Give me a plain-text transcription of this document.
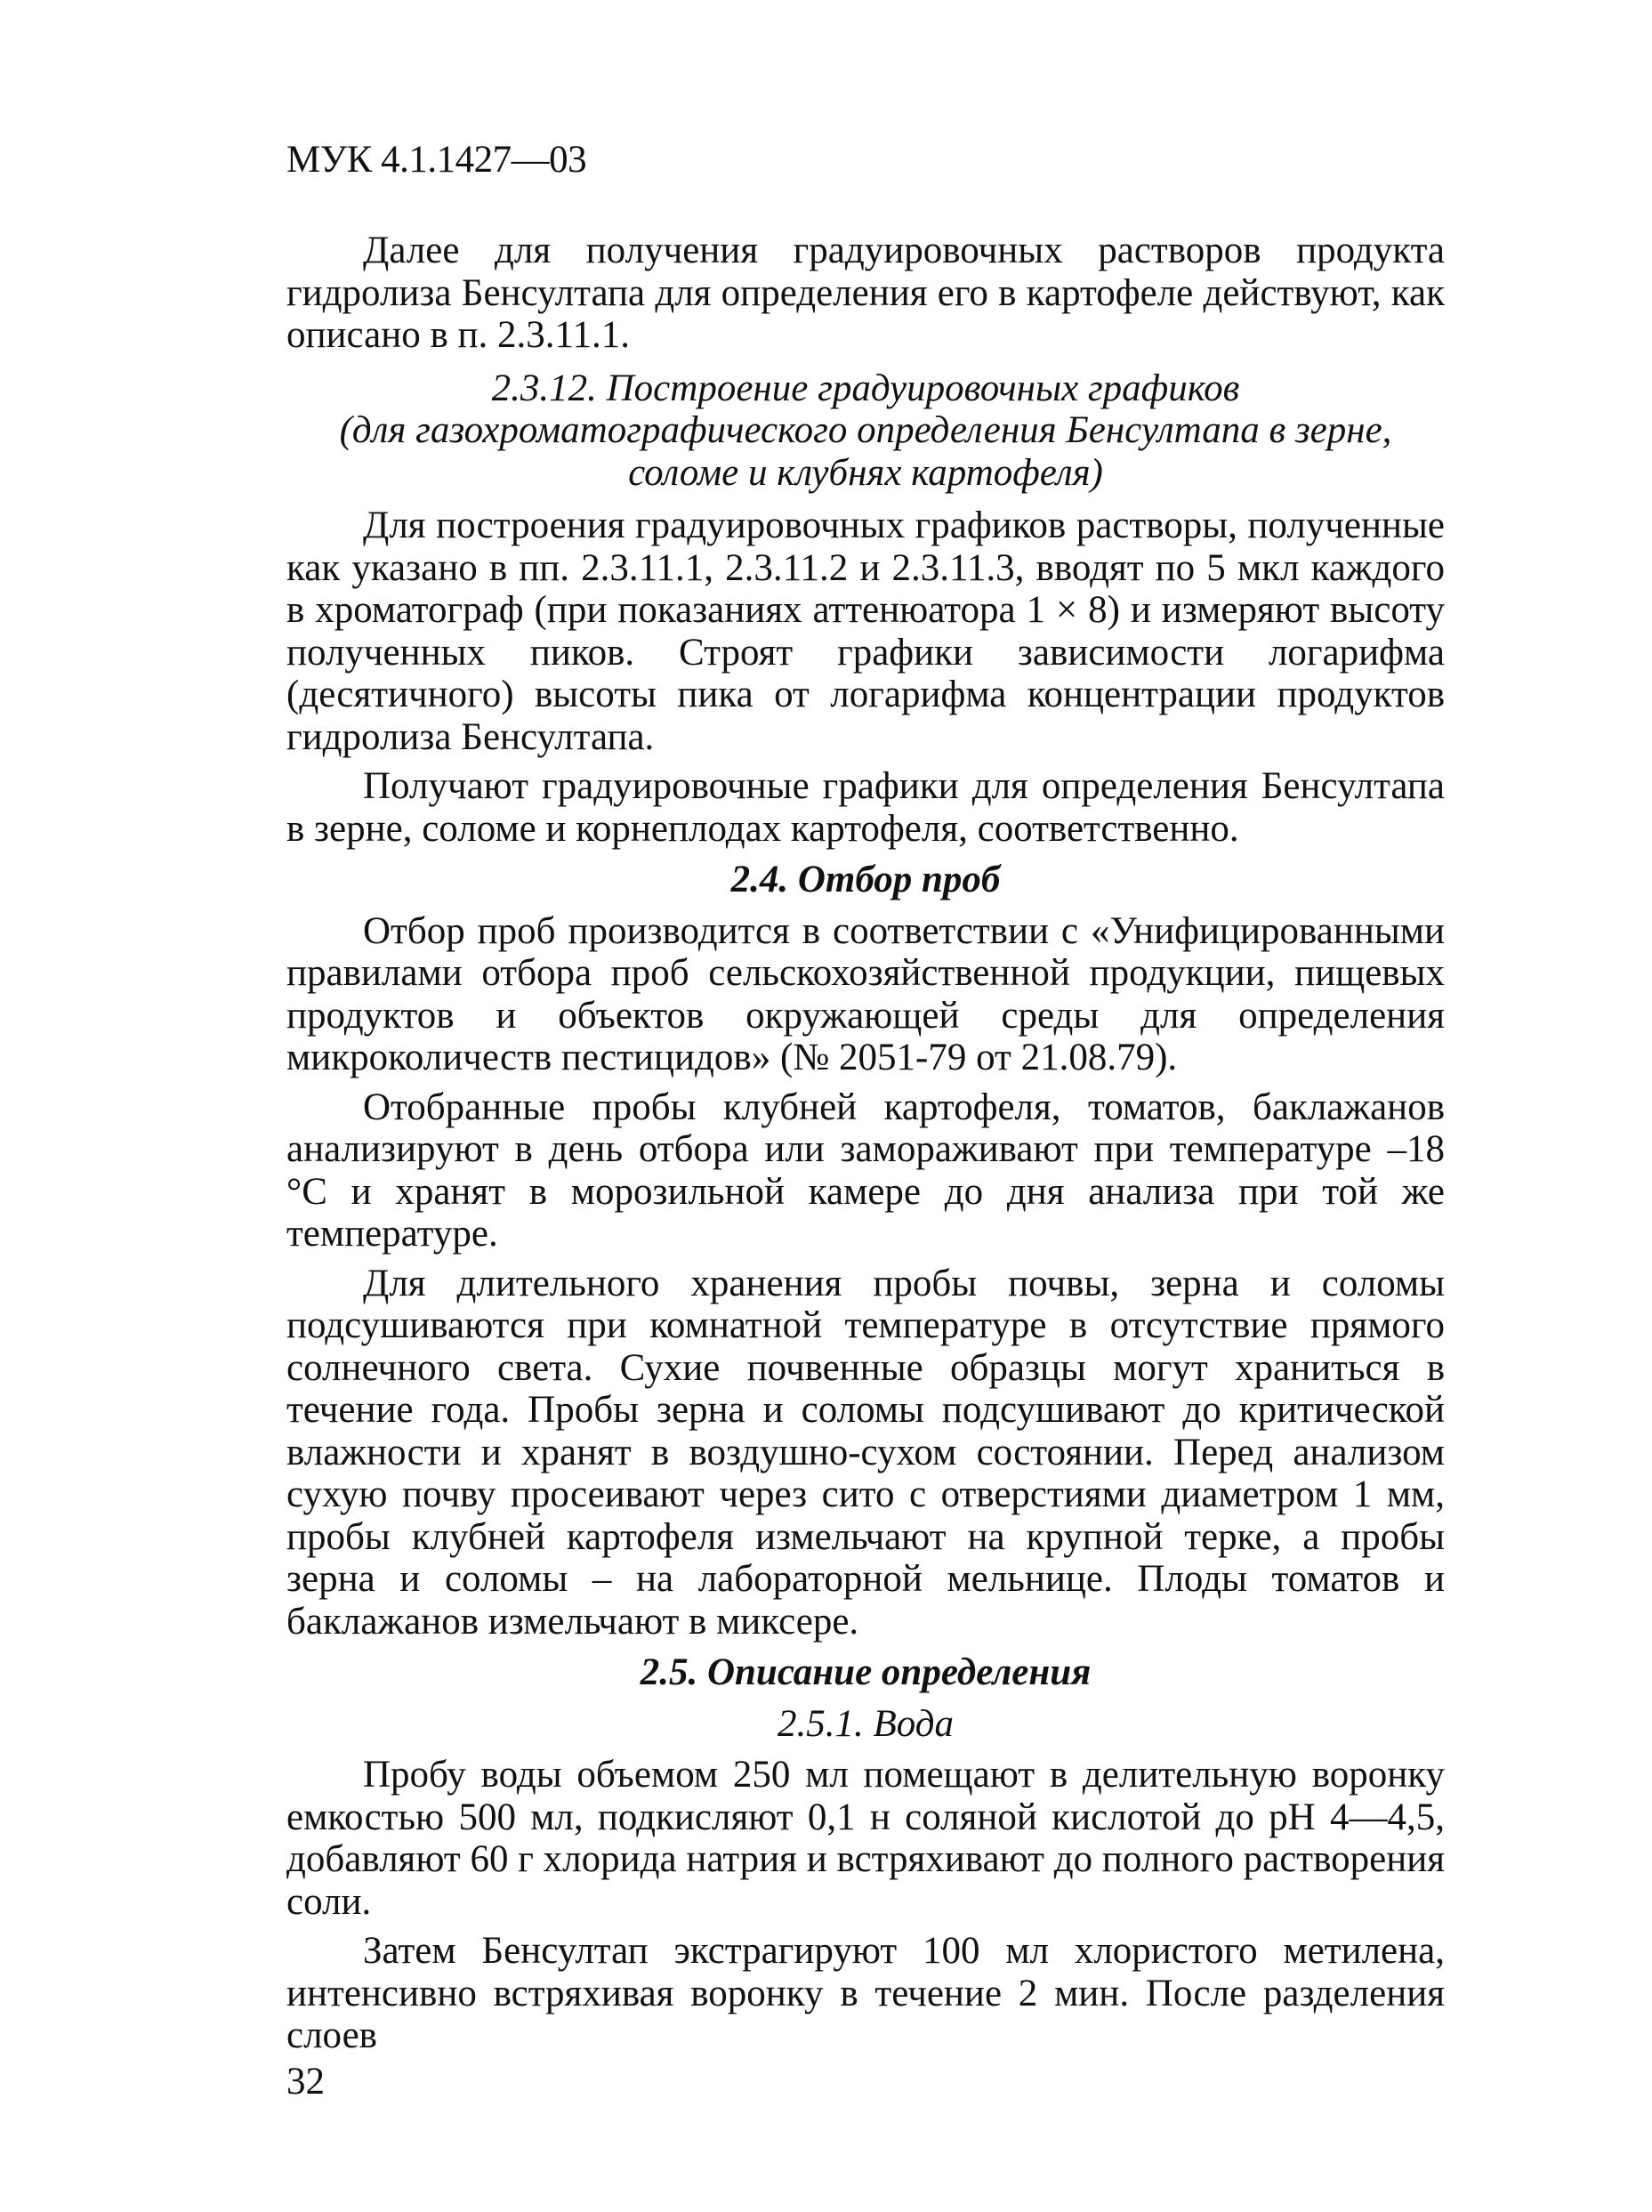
МУК 4.1.1427—03

Далее для получения градуировочных растворов продукта гидролиза Бенсултапа для определения его в картофеле действуют, как описано в п. 2.3.11.1.

2.3.12. Построение градуировочных графиков
(для газохроматографического определения Бенсултапа в зерне,
соломе и клубнях картофеля)

Для построения градуировочных графиков растворы, полученные как указано в пп. 2.3.11.1, 2.3.11.2 и 2.3.11.3, вводят по 5 мкл каждого в хроматограф (при показаниях аттенюатора 1 × 8) и измеряют высоту полученных пиков. Строят графики зависимости логарифма (десятичного) высоты пика от логарифма концентрации продуктов гидролиза Бенсултапа.

Получают градуировочные графики для определения Бенсултапа в зерне, соломе и корнеплодах картофеля, соответственно.

2.4. Отбор проб

Отбор проб производится в соответствии с «Унифицированными правилами отбора проб сельскохозяйственной продукции, пищевых продуктов и объектов окружающей среды для определения микроколичеств пестицидов» (№ 2051-79 от 21.08.79).

Отобранные пробы клубней картофеля, томатов, баклажанов анализируют в день отбора или замораживают при температуре –18 °С и хранят в морозильной камере до дня анализа при той же температуре.

Для длительного хранения пробы почвы, зерна и соломы подсушиваются при комнатной температуре в отсутствие прямого солнечного света. Сухие почвенные образцы могут храниться в течение года. Пробы зерна и соломы подсушивают до критической влажности и хранят в воздушно-сухом состоянии. Перед анализом сухую почву просеивают через сито с отверстиями диаметром 1 мм, пробы клубней картофеля измельчают на крупной терке, а пробы зерна и соломы – на лабораторной мельнице. Плоды томатов и баклажанов измельчают в миксере.

2.5. Описание определения
2.5.1. Вода

Пробу воды объемом 250 мл помещают в делительную воронку емкостью 500 мл, подкисляют 0,1 н соляной кислотой до рН 4—4,5, добавляют 60 г хлорида натрия и встряхивают до полного растворения соли.

Затем Бенсултап экстрагируют 100 мл хлористого метилена, интенсивно встряхивая воронку в течение 2 мин. После разделения слоев

32
